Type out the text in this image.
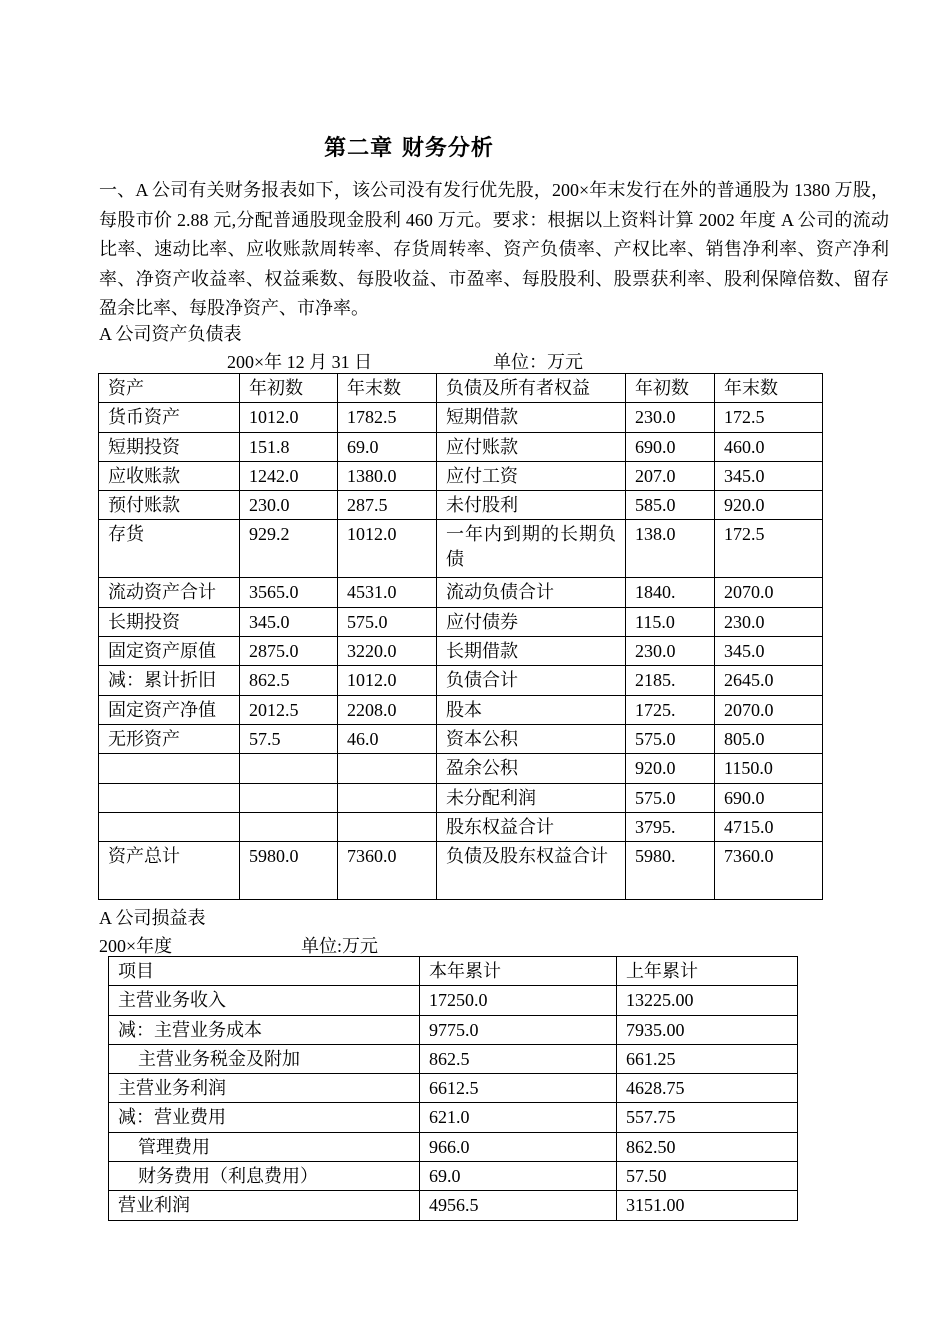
第二章 财务分析
一、A 公司有关财务报表如下，该公司没有发行优先股，200×年末发行在外的普通股为 1380 万股，每股市价 2.88 元,分配普通股现金股利 460 万元。要求：根据以上资料计算 2002 年度 A 公司的流动比率、速动比率、应收账款周转率、存货周转率、资产负债率、产权比率、销售净利率、资产净利率、净资产收益率、权益乘数、每股收益、市盈率、每股股利、股票获利率、股利保障倍数、留存盈余比率、每股净资产、市净率。
A 公司资产负债表
200×年 12 月 31 日	单位：万元
资产	年初数	年末数	负债及所有者权益	年初数	年末数
货币资产	1012.0	1782.5	短期借款	230.0	172.5
短期投资	151.8	69.0	应付账款	690.0	460.0
应收账款	1242.0	1380.0	应付工资	207.0	345.0
预付账款	230.0	287.5	未付股利	585.0	920.0
存货	929.2	1012.0	一年内到期的长期负债	138.0	172.5
流动资产合计	3565.0	4531.0	流动负债合计	1840.	2070.0
长期投资	345.0	575.0	应付债券	115.0	230.0
固定资产原值	2875.0	3220.0	长期借款	230.0	345.0
减：累计折旧	862.5	1012.0	负债合计	2185.	2645.0
固定资产净值	2012.5	2208.0	股本	1725.	2070.0
无形资产	57.5	46.0	资本公积	575.0	805.0
			盈余公积	920.0	1150.0
			未分配利润	575.0	690.0
			股东权益合计	3795.	4715.0
资产总计	5980.0	7360.0	负债及股东权益合计	5980.	7360.0
A 公司损益表
200×年度	单位:万元
项目	本年累计	上年累计
主营业务收入	17250.0	13225.00
减：主营业务成本	9775.0	7935.00
主营业务税金及附加	862.5	661.25
主营业务利润	6612.5	4628.75
减：营业费用	621.0	557.75
管理费用	966.0	862.50
财务费用（利息费用）	69.0	57.50
营业利润	4956.5	3151.00
